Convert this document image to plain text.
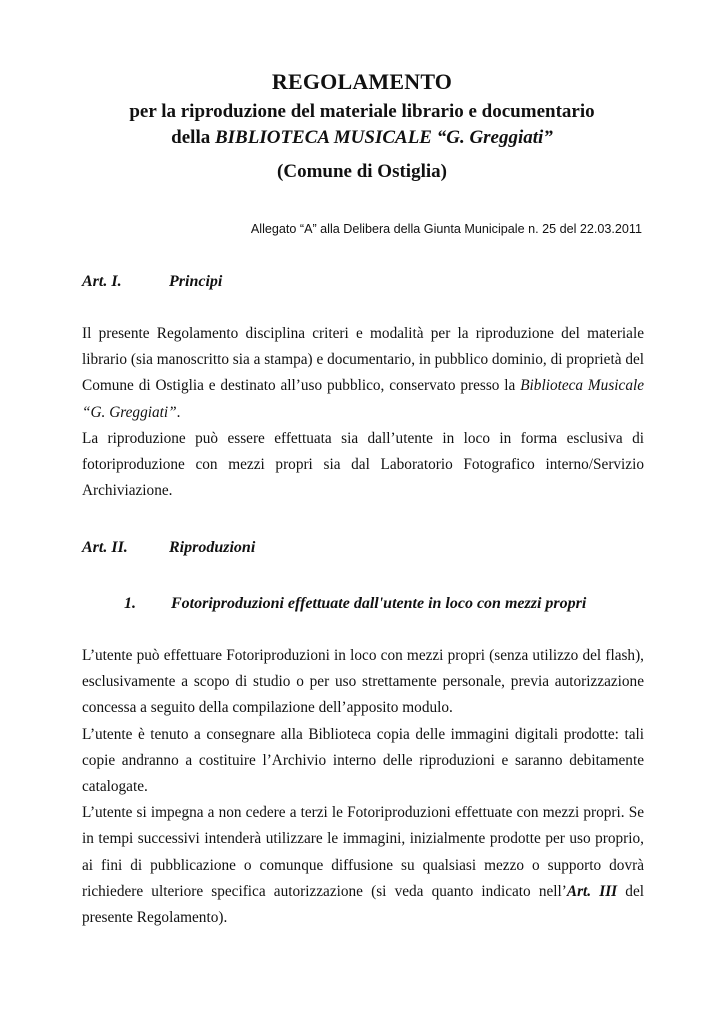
REGOLAMENTO
per la riproduzione del materiale librario e documentario
della BIBLIOTECA MUSICALE “G. Greggiati”
(Comune di Ostiglia)
Allegato “A” alla Delibera della Giunta Municipale n. 25 del 22.03.2011
Art. I.	Principi

Il presente Regolamento disciplina criteri e modalità per la riproduzione del materiale librario (sia manoscritto sia a stampa) e documentario, in pubblico dominio, di proprietà del Comune di Ostiglia e destinato all’uso pubblico, conservato presso la Biblioteca Musicale “G. Greggiati”.

La riproduzione può essere effettuata sia dall’utente in loco in forma esclusiva di fotoriproduzione con mezzi propri sia dal Laboratorio Fotografico interno/Servizio Archiviazione.

Art. II.	Riproduzioni
1. Fotoriproduzioni effettuate dall'utente in loco con mezzi propri

L’utente può effettuare Fotoriproduzioni in loco con mezzi propri (senza utilizzo del flash), esclusivamente a scopo di studio o per uso strettamente personale, previa autorizzazione concessa a seguito della compilazione dell’apposito modulo.

L’utente è tenuto a consegnare alla Biblioteca copia delle immagini digitali prodotte: tali copie andranno a costituire l’Archivio interno delle riproduzioni e saranno debitamente catalogate.

L’utente si impegna a non cedere a terzi le Fotoriproduzioni effettuate con mezzi propri. Se in tempi successivi intenderà utilizzare le immagini, inizialmente prodotte per uso proprio, ai fini di pubblicazione o comunque diffusione su qualsiasi mezzo o supporto dovrà richiedere ulteriore specifica autorizzazione (si veda quanto indicato nell’Art. III del presente Regolamento).
